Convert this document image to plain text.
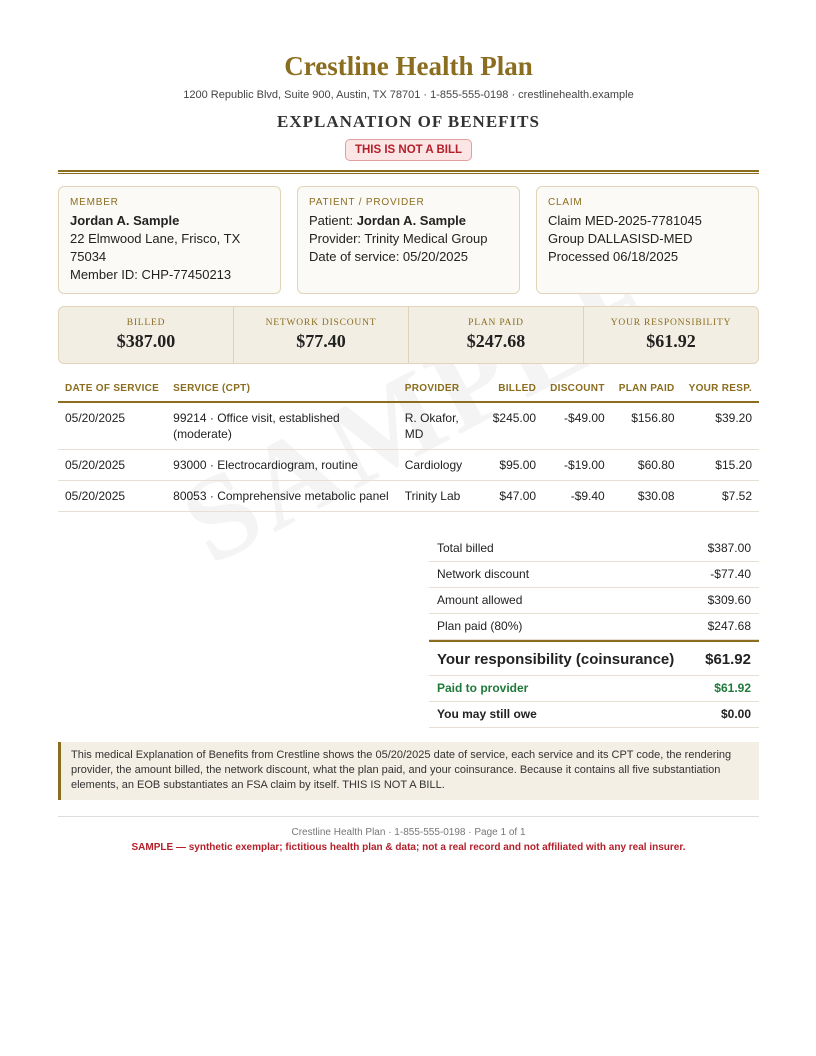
Crestline Health Plan
1200 Republic Blvd, Suite 900, Austin, TX 78701 · 1-855-555-0198 · crestlinehealth.example
EXPLANATION OF BENEFITS
THIS IS NOT A BILL
MEMBER
Jordan A. Sample
22 Elmwood Lane, Frisco, TX 75034
Member ID: CHP-77450213
PATIENT / PROVIDER
Patient: Jordan A. Sample
Provider: Trinity Medical Group
Date of service: 05/20/2025
CLAIM
Claim MED-2025-7781045
Group DALLASISD-MED
Processed 06/18/2025
BILLED
$387.00
NETWORK DISCOUNT
$77.40
PLAN PAID
$247.68
YOUR RESPONSIBILITY
$61.92
DATE OF SERVICE	SERVICE (CPT)	PROVIDER	BILLED	DISCOUNT	PLAN PAID	YOUR RESP.
05/20/2025	99214 · Office visit, established (moderate)	R. Okafor, MD	$245.00	-$49.00	$156.80	$39.20
05/20/2025	93000 · Electrocardiogram, routine	Cardiology	$95.00	-$19.00	$60.80	$15.20
05/20/2025	80053 · Comprehensive metabolic panel	Trinity Lab	$47.00	-$9.40	$30.08	$7.52
Total billed	$387.00
Network discount	-$77.40
Amount allowed	$309.60
Plan paid (80%)	$247.68
Your responsibility (coinsurance) $61.92
Paid to provider	$61.92
You may still owe	$0.00
This medical Explanation of Benefits from Crestline shows the 05/20/2025 date of service, each service and its CPT code, the rendering provider, the amount billed, the network discount, what the plan paid, and your coinsurance. Because it contains all five substantiation elements, an EOB substantiates an FSA claim by itself. THIS IS NOT A BILL.
Crestline Health Plan · 1-855-555-0198 · Page 1 of 1
SAMPLE — synthetic exemplar; fictitious health plan & data; not a real record and not affiliated with any real insurer.
